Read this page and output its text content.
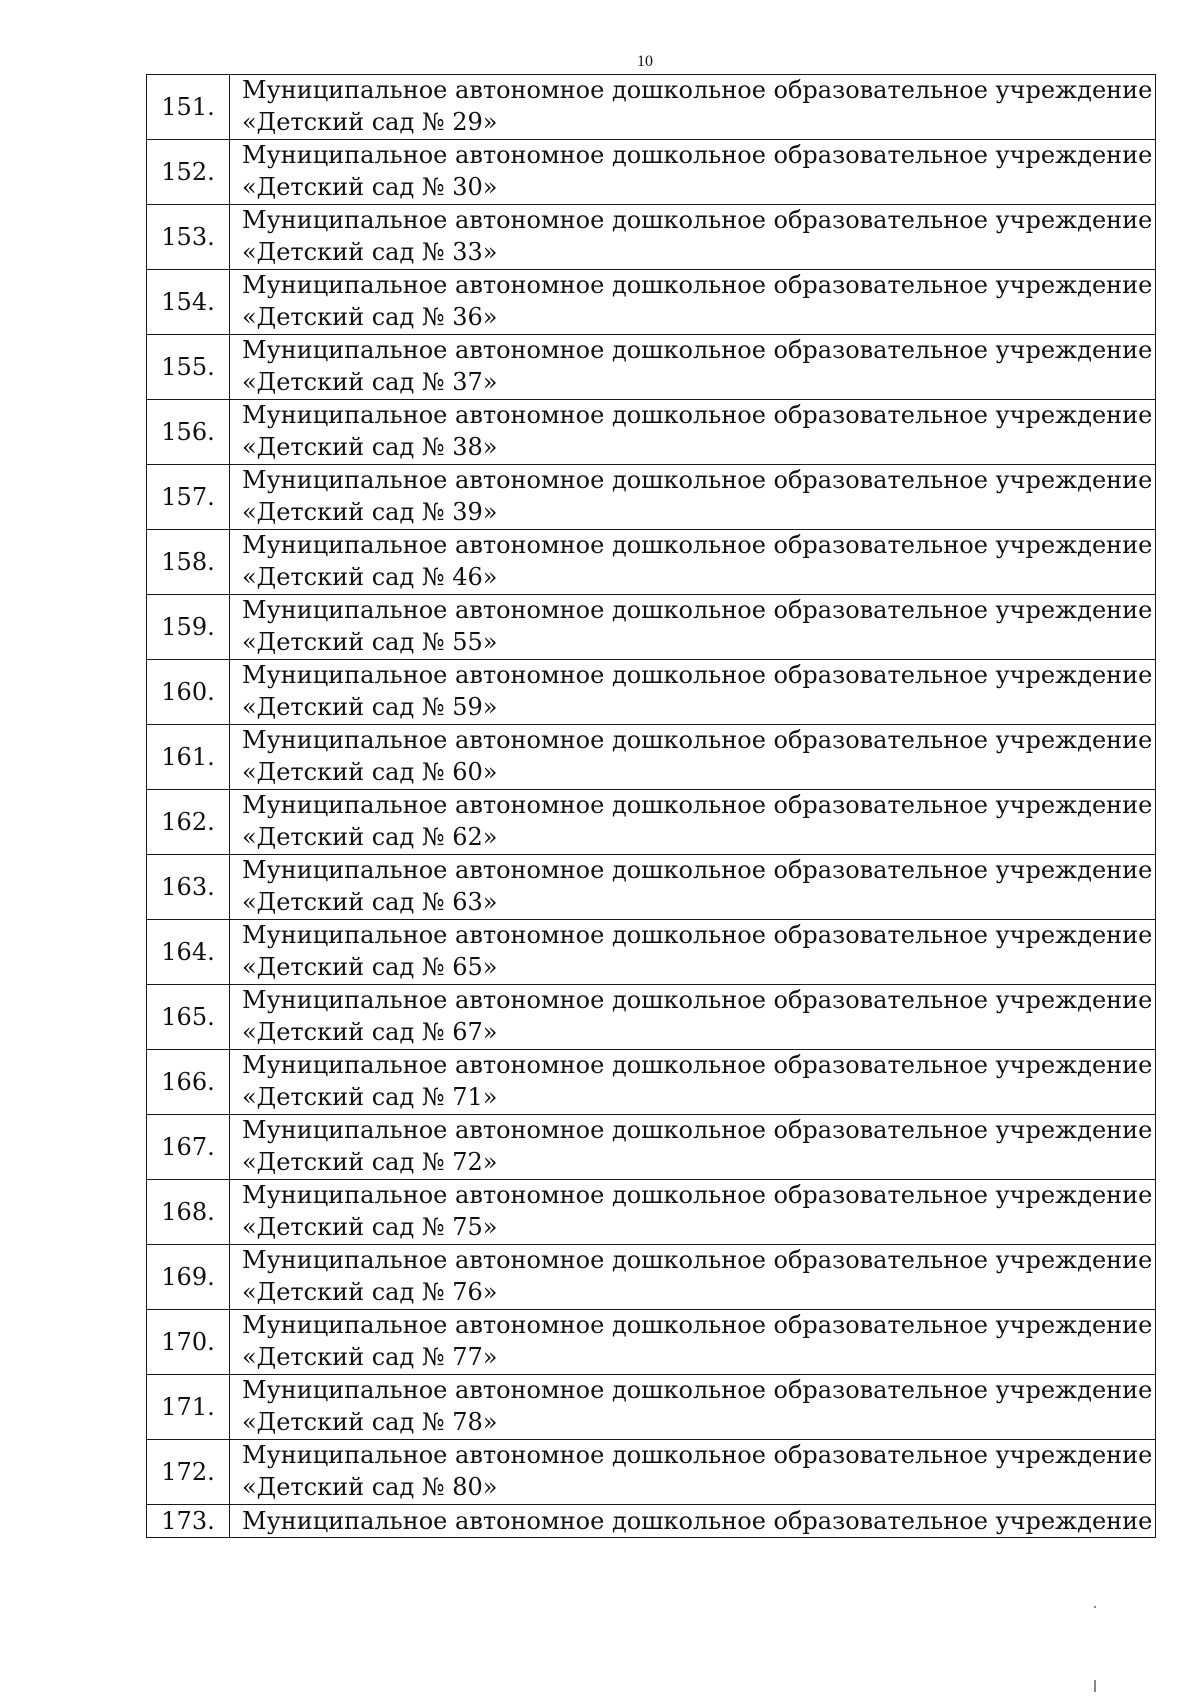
10
151.	Муниципальное автономное дошкольное образовательное учреждение
«Детский сад № 29»

152.	Муниципальное автономное дошкольное образовательное учреждение
«Детский сад № 30»

153.	Муниципальное автономное дошкольное образовательное учреждение
«Детский сад № 33»

154.	Муниципальное автономное дошкольное образовательное учреждение
«Детский сад № 36»

155.	Муниципальное автономное дошкольное образовательное учреждение
«Детский сад № 37»

156.	Муниципальное автономное дошкольное образовательное учреждение
«Детский сад № 38»

157.	Муниципальное автономное дошкольное образовательное учреждение
«Детский сад № 39»

158.	Муниципальное автономное дошкольное образовательное учреждение
«Детский сад № 46»

159.	Муниципальное автономное дошкольное образовательное учреждение
«Детский сад № 55»

160.	Муниципальное автономное дошкольное образовательное учреждение
«Детский сад № 59»

161.	Муниципальное автономное дошкольное образовательное учреждение
«Детский сад № 60»

162.	Муниципальное автономное дошкольное образовательное учреждение
«Детский сад № 62»

163.	Муниципальное автономное дошкольное образовательное учреждение
«Детский сад № 63»

164.	Муниципальное автономное дошкольное образовательное учреждение
«Детский сад № 65»

165.	Муниципальное автономное дошкольное образовательное учреждение
«Детский сад № 67»

166.	Муниципальное автономное дошкольное образовательное учреждение
«Детский сад № 71»

167.	Муниципальное автономное дошкольное образовательное учреждение
«Детский сад № 72»

168.	Муниципальное автономное дошкольное образовательное учреждение
«Детский сад № 75»

169.	Муниципальное автономное дошкольное образовательное учреждение
«Детский сад № 76»

170.	Муниципальное автономное дошкольное образовательное учреждение
«Детский сад № 77»

171.	Муниципальное автономное дошкольное образовательное учреждение
«Детский сад № 78»

172.	Муниципальное автономное дошкольное образовательное учреждение
«Детский сад № 80»

173.	Муниципальное автономное дошкольное образовательное учреждение
